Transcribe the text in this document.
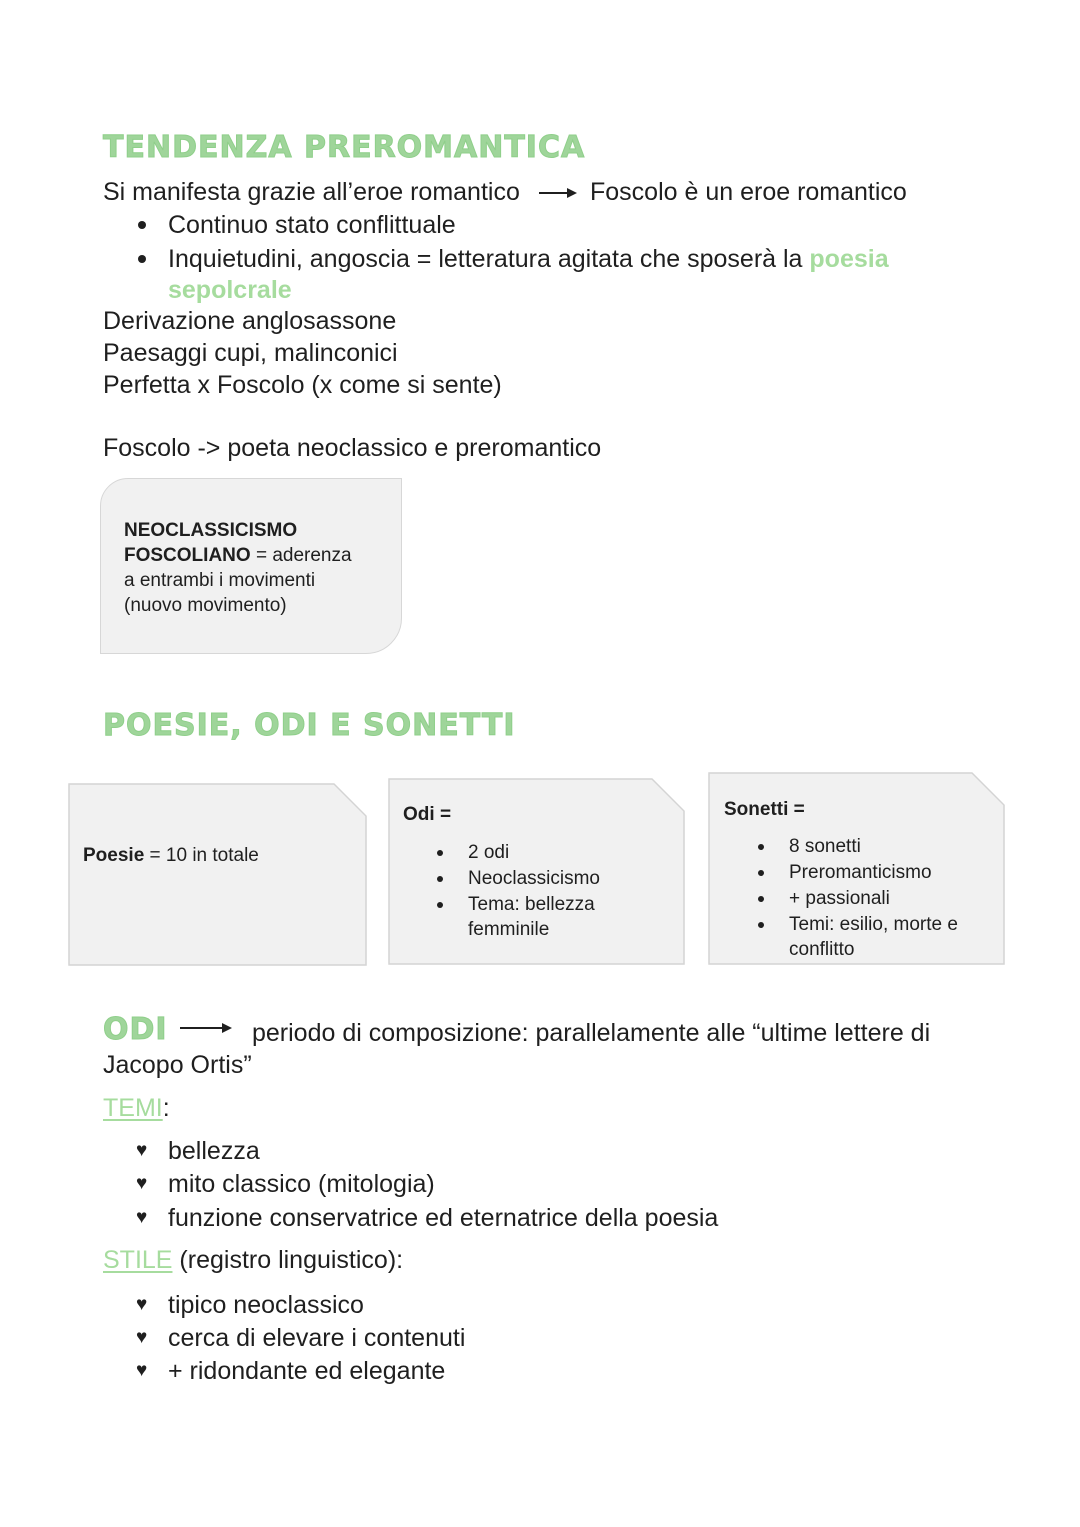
TENDENZA PREROMANTICA
Si manifesta grazie all’eroe romantico	Foscolo è un eroe romantico
Continuo stato conflittuale
Inquietudini, angoscia = letteratura agitata che sposerà la poesia
sepolcrale
Derivazione anglosassone
Paesaggi cupi, malinconici
Perfetta x Foscolo (x come si sente)
Foscolo -> poeta neoclassico e preromantico
NEOCLASSICISMO
FOSCOLIANO = aderenza
a entrambi i movimenti
(nuovo movimento)
POESIE, ODI E SONETTI
Poesie = 10 in totale
Odi =
2 odi
Neoclassicismo
Tema: bellezza
femminile
Sonetti =
8 sonetti
Preromanticismo
+ passionali
Temi: esilio, morte e
conflitto
ODI	periodo di composizione: parallelamente alle “ultime lettere di
Jacopo Ortis”
TEMI:
♥ bellezza
♥ mito classico (mitologia)
♥ funzione conservatrice ed eternatrice della poesia
STILE (registro linguistico):
♥ tipico neoclassico
♥ cerca di elevare i contenuti
♥ + ridondante ed elegante
